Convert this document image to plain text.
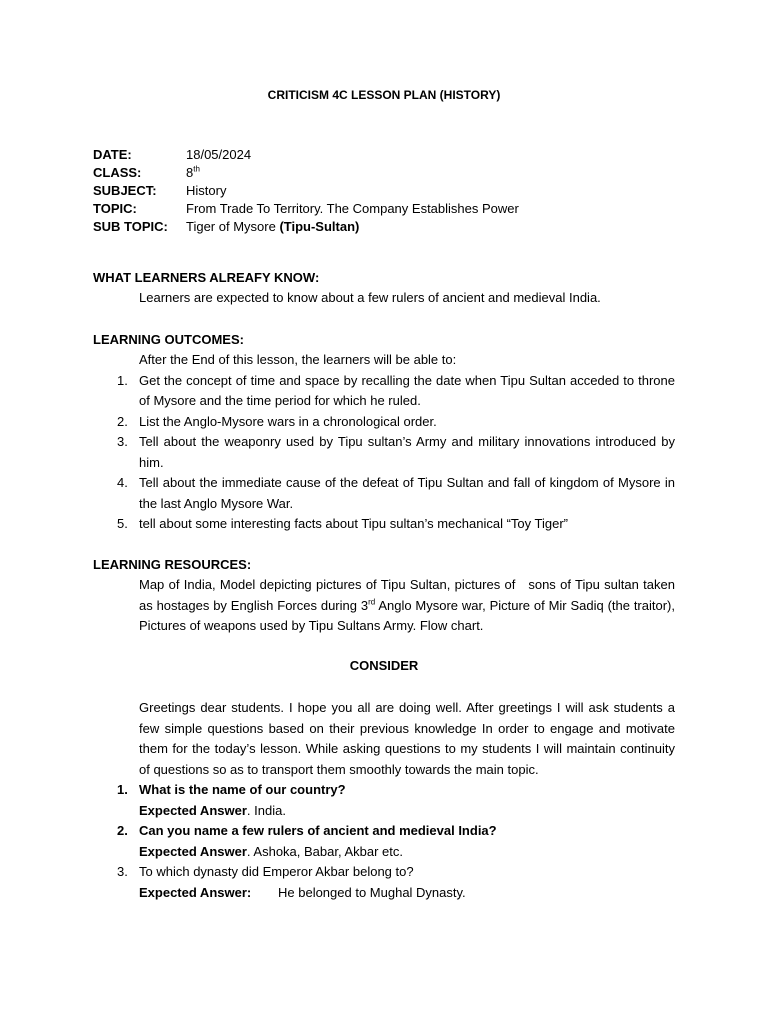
CRITICISM 4C LESSON PLAN (HISTORY)
DATE:	18/05/2024
CLASS:	8th
SUBJECT: History
TOPIC:	From Trade To Territory. The Company Establishes Power
SUB TOPIC: Tiger of Mysore (Tipu-Sultan)
WHAT LEARNERS ALREAFY KNOW:
Learners are expected to know about a few rulers of ancient and medieval India.
LEARNING OUTCOMES:
After the End of this lesson, the learners will be able to:
1. Get the concept of time and space by recalling the date when Tipu Sultan acceded to throne of Mysore and the time period for which he ruled.
2. List the Anglo-Mysore wars in a chronological order.
3. Tell about the weaponry used by Tipu sultan’s Army and military innovations introduced by him.
4. Tell about the immediate cause of the defeat of Tipu Sultan and fall of kingdom of Mysore in the last Anglo Mysore War.
5. tell about some interesting facts about Tipu sultan’s mechanical “Toy Tiger”
LEARNING RESOURCES:
Map of India, Model depicting pictures of Tipu Sultan, pictures of   sons of Tipu sultan taken as hostages by English Forces during 3rd Anglo Mysore war, Picture of Mir Sadiq (the traitor), Pictures of weapons used by Tipu Sultans Army. Flow chart.
CONSIDER
Greetings dear students. I hope you all are doing well. After greetings I will ask students a few simple questions based on their previous knowledge In order to engage and motivate them for the today’s lesson. While asking questions to my students I will maintain continuity of questions so as to transport them smoothly towards the main topic.
1. What is the name of our country?
Expected Answer. India.
2. Can you name a few rulers of ancient and medieval India?
Expected Answer. Ashoka, Babar, Akbar etc.
3. To which dynasty did Emperor Akbar belong to?
Expected Answer: He belonged to Mughal Dynasty.
